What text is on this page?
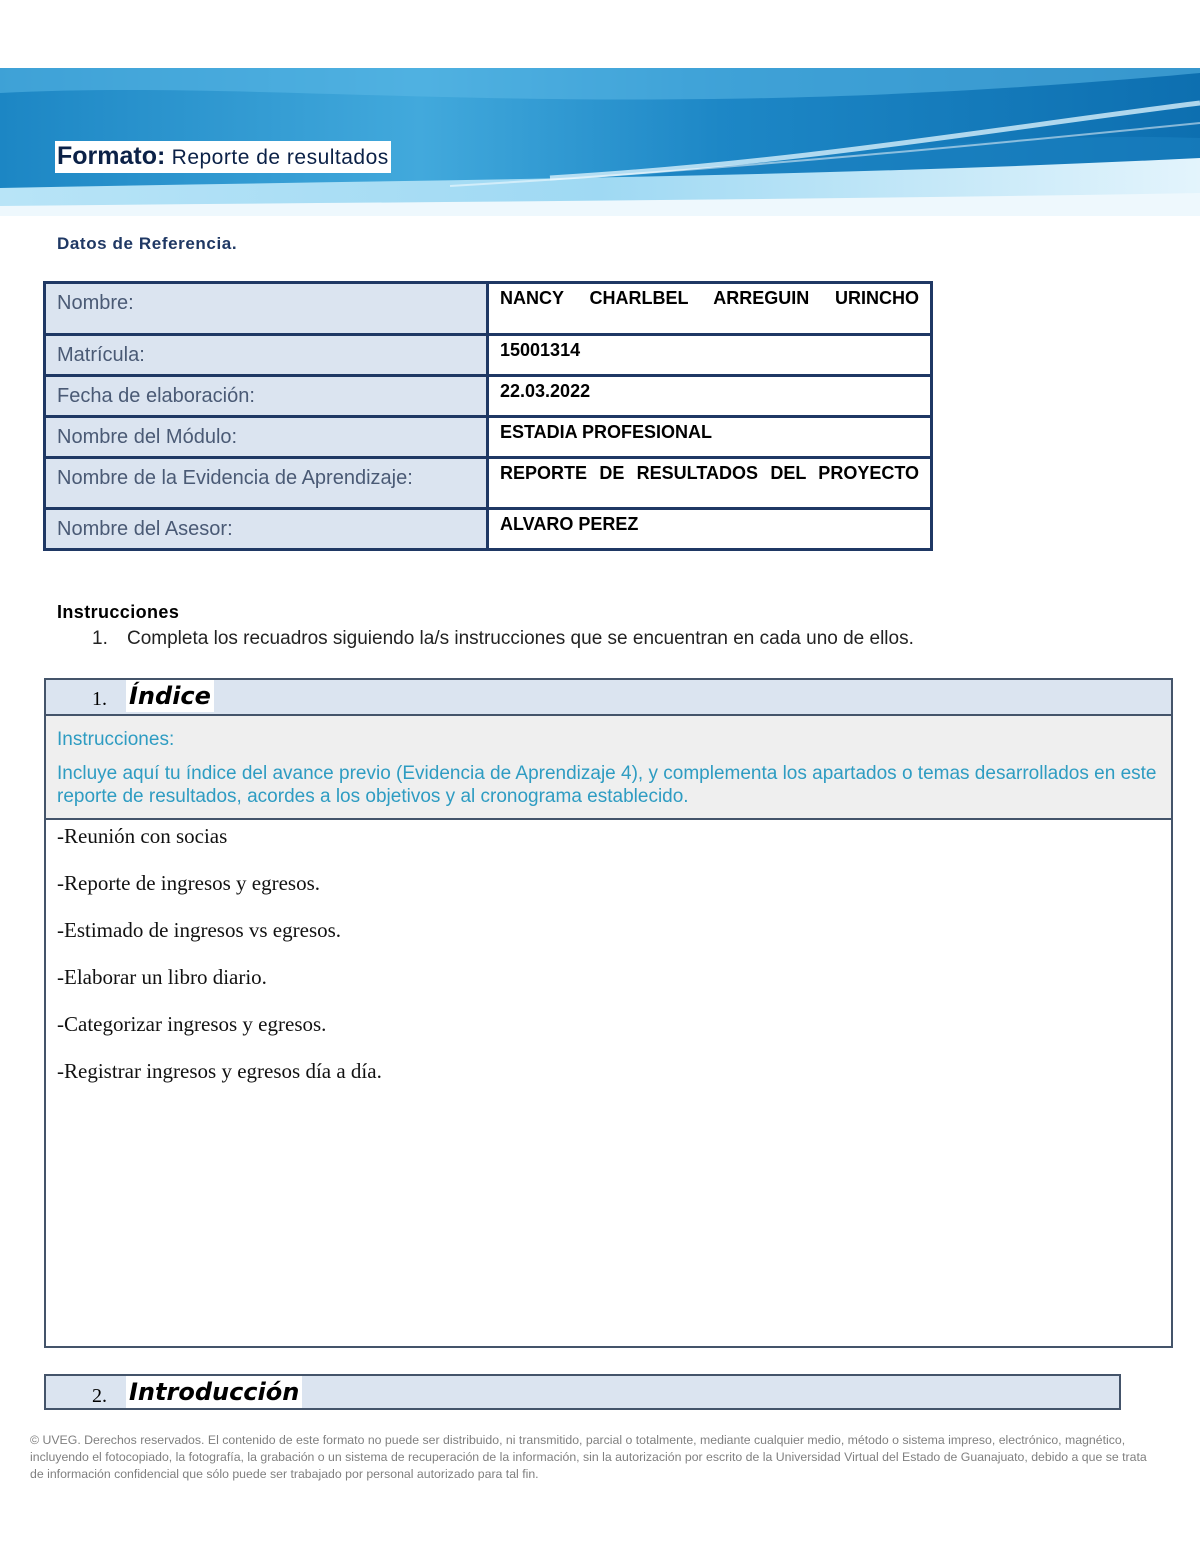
Formato: Reporte de resultados
Datos de Referencia.
Nombre:	NANCY CHARLBEL ARREGUIN URINCHO
Matrícula:	15001314
Fecha de elaboración:	22.03.2022
Nombre del Módulo:	ESTADIA PROFESIONAL
Nombre de la Evidencia de Aprendizaje:	REPORTE DE RESULTADOS DEL PROYECTO
Nombre del Asesor:	ALVARO PEREZ
Instrucciones
1. Completa los recuadros siguiendo la/s instrucciones que se encuentran en cada uno de ellos.
1. Índice

Instrucciones:

Incluye aquí tu índice del avance previo (Evidencia de Aprendizaje 4), y complementa los apartados o temas desarrollados en este reporte de resultados, acordes a los objetivos y al cronograma establecido.

-Reunión con socias

-Reporte de ingresos y egresos.

-Estimado de ingresos vs egresos.

-Elaborar un libro diario.

-Categorizar ingresos y egresos.

-Registrar ingresos y egresos día a día.

2. Introducción
© UVEG. Derechos reservados. El contenido de este formato no puede ser distribuido, ni transmitido, parcial o totalmente, mediante cualquier medio, método o sistema impreso, electrónico, magnético, incluyendo el fotocopiado, la fotografía, la grabación o un sistema de recuperación de la información, sin la autorización por escrito de la Universidad Virtual del Estado de Guanajuato, debido a que se trata de información confidencial que sólo puede ser trabajado por personal autorizado para tal fin.
